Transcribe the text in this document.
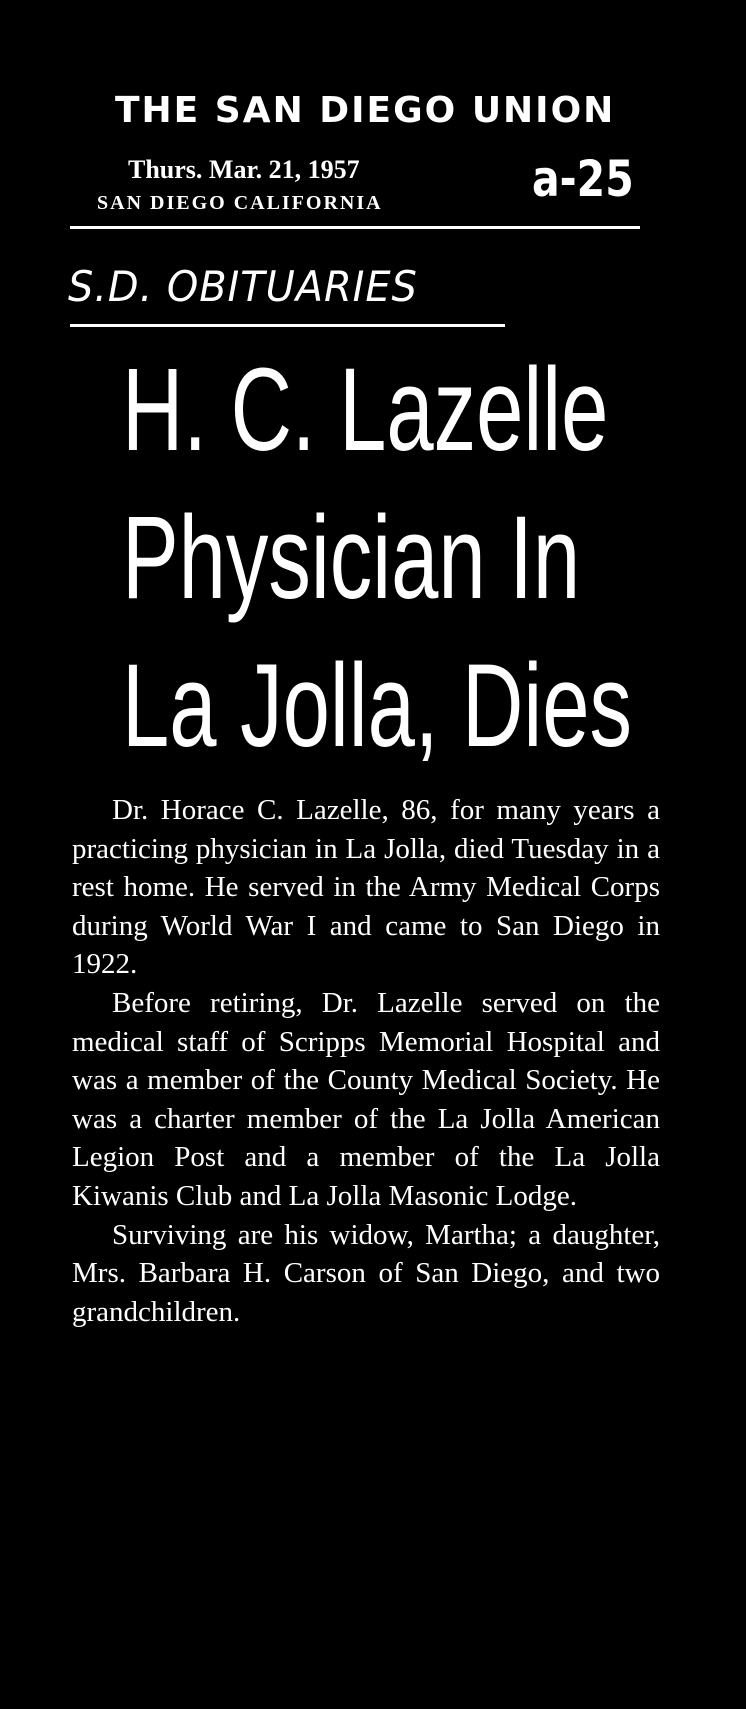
THE SAN DIEGO UNION
Thurs. Mar. 21, 1957
SAN DIEGO CALIFORNIA	a-25
S.D. OBITUARIES
H. C. Lazelle
Physician In
La Jolla, Dies

Dr. Horace C. Lazelle, 86, for many years a practicing physician in La Jolla, died Tuesday in a rest home. He served in the Army Medical Corps during World War I and came to San Diego in 1922.

Before retiring, Dr. Lazelle served on the medical staff of Scripps Memorial Hospital and was a member of the County Medical Society. He was a charter member of the La Jolla American Legion Post and a member of the La Jolla Kiwanis Club and La Jolla Masonic Lodge.

Surviving are his widow, Martha; a daughter, Mrs. Barbara H. Carson of San Diego, and two grandchildren.
